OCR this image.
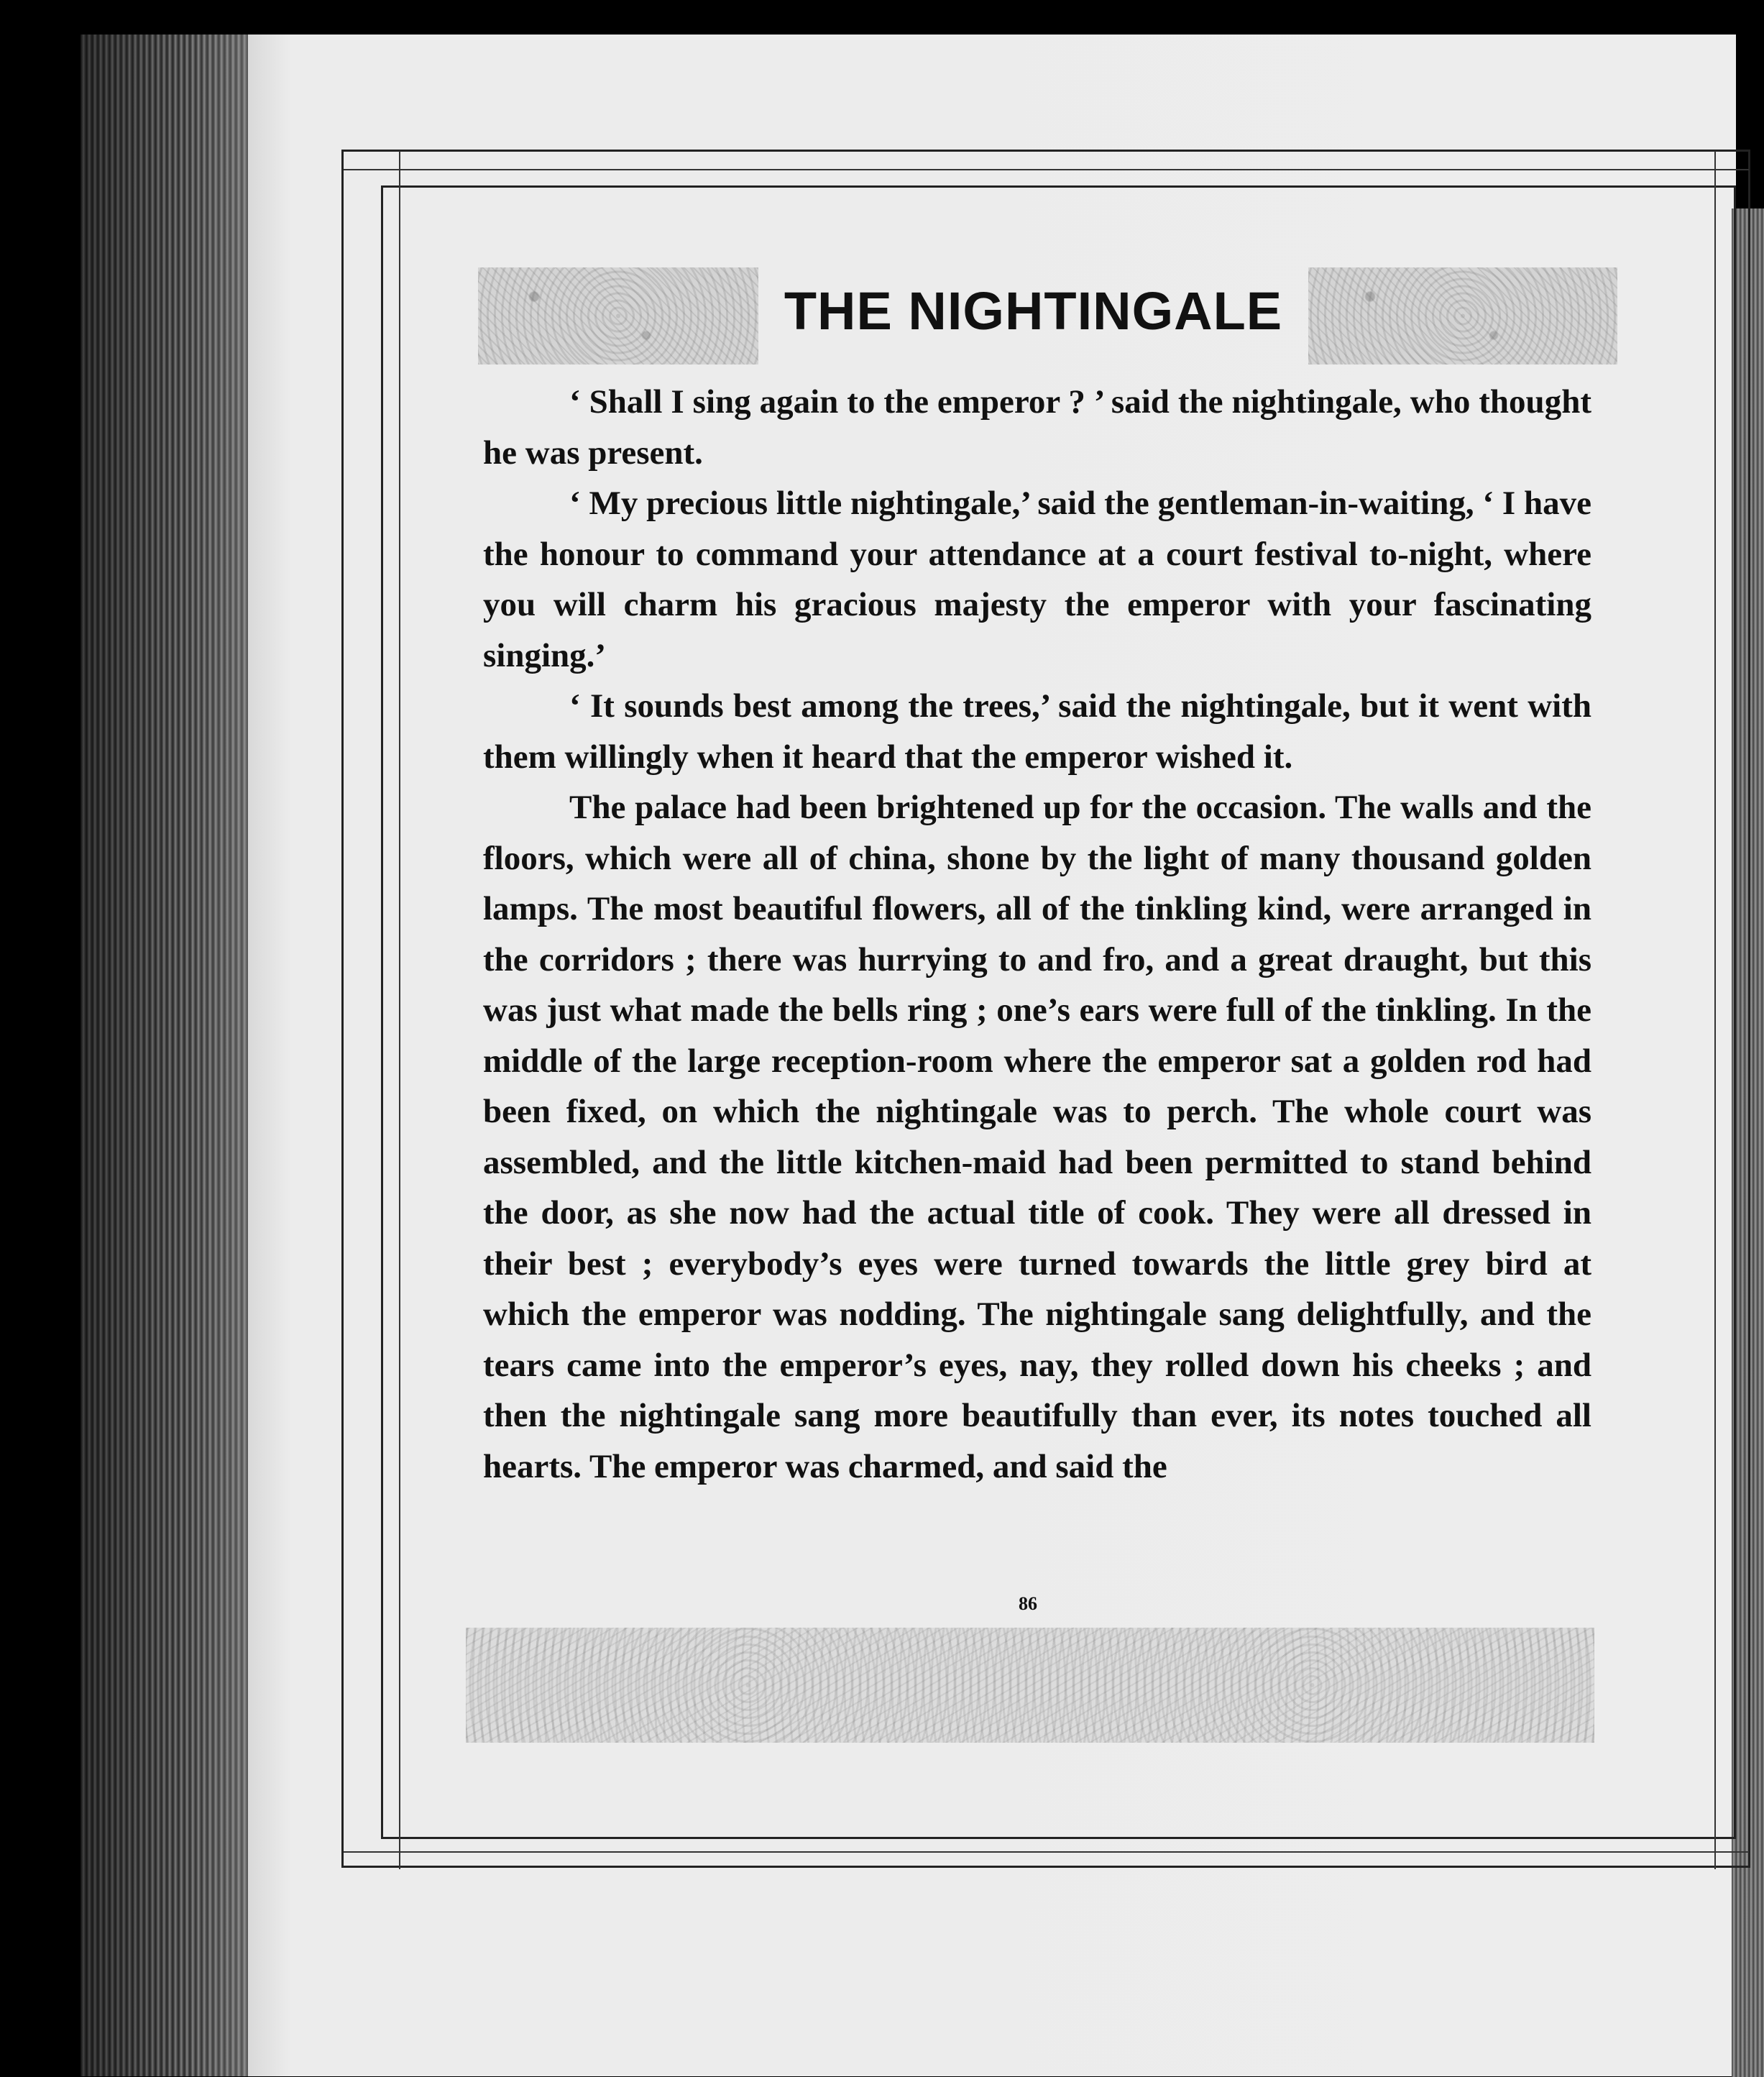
THE NIGHTINGALE

‘ Shall I sing again to the emperor ? ’ said the nightingale, who thought he was present.

‘ My precious little nightingale,’ said the gentleman-in-waiting, ‘ I have the honour to command your attendance at a court festival to-night, where you will charm his gracious majesty the emperor with your fascinating singing.’

‘ It sounds best among the trees,’ said the nightingale, but it went with them willingly when it heard that the emperor wished it.

The palace had been brightened up for the occasion. The walls and the floors, which were all of china, shone by the light of many thousand golden lamps. The most beautiful flowers, all of the tinkling kind, were arranged in the corridors ; there was hurrying to and fro, and a great draught, but this was just what made the bells ring ; one’s ears were full of the tinkling. In the middle of the large reception-room where the emperor sat a golden rod had been fixed, on which the nightingale was to perch. The whole court was assembled, and the little kitchen-maid had been permitted to stand behind the door, as she now had the actual title of cook. They were all dressed in their best ; everybody’s eyes were turned towards the little grey bird at which the emperor was nodding. The nightingale sang delightfully, and the tears came into the emperor’s eyes, nay, they rolled down his cheeks ; and then the nightingale sang more beautifully than ever, its notes touched all hearts. The emperor was charmed, and said the

86
